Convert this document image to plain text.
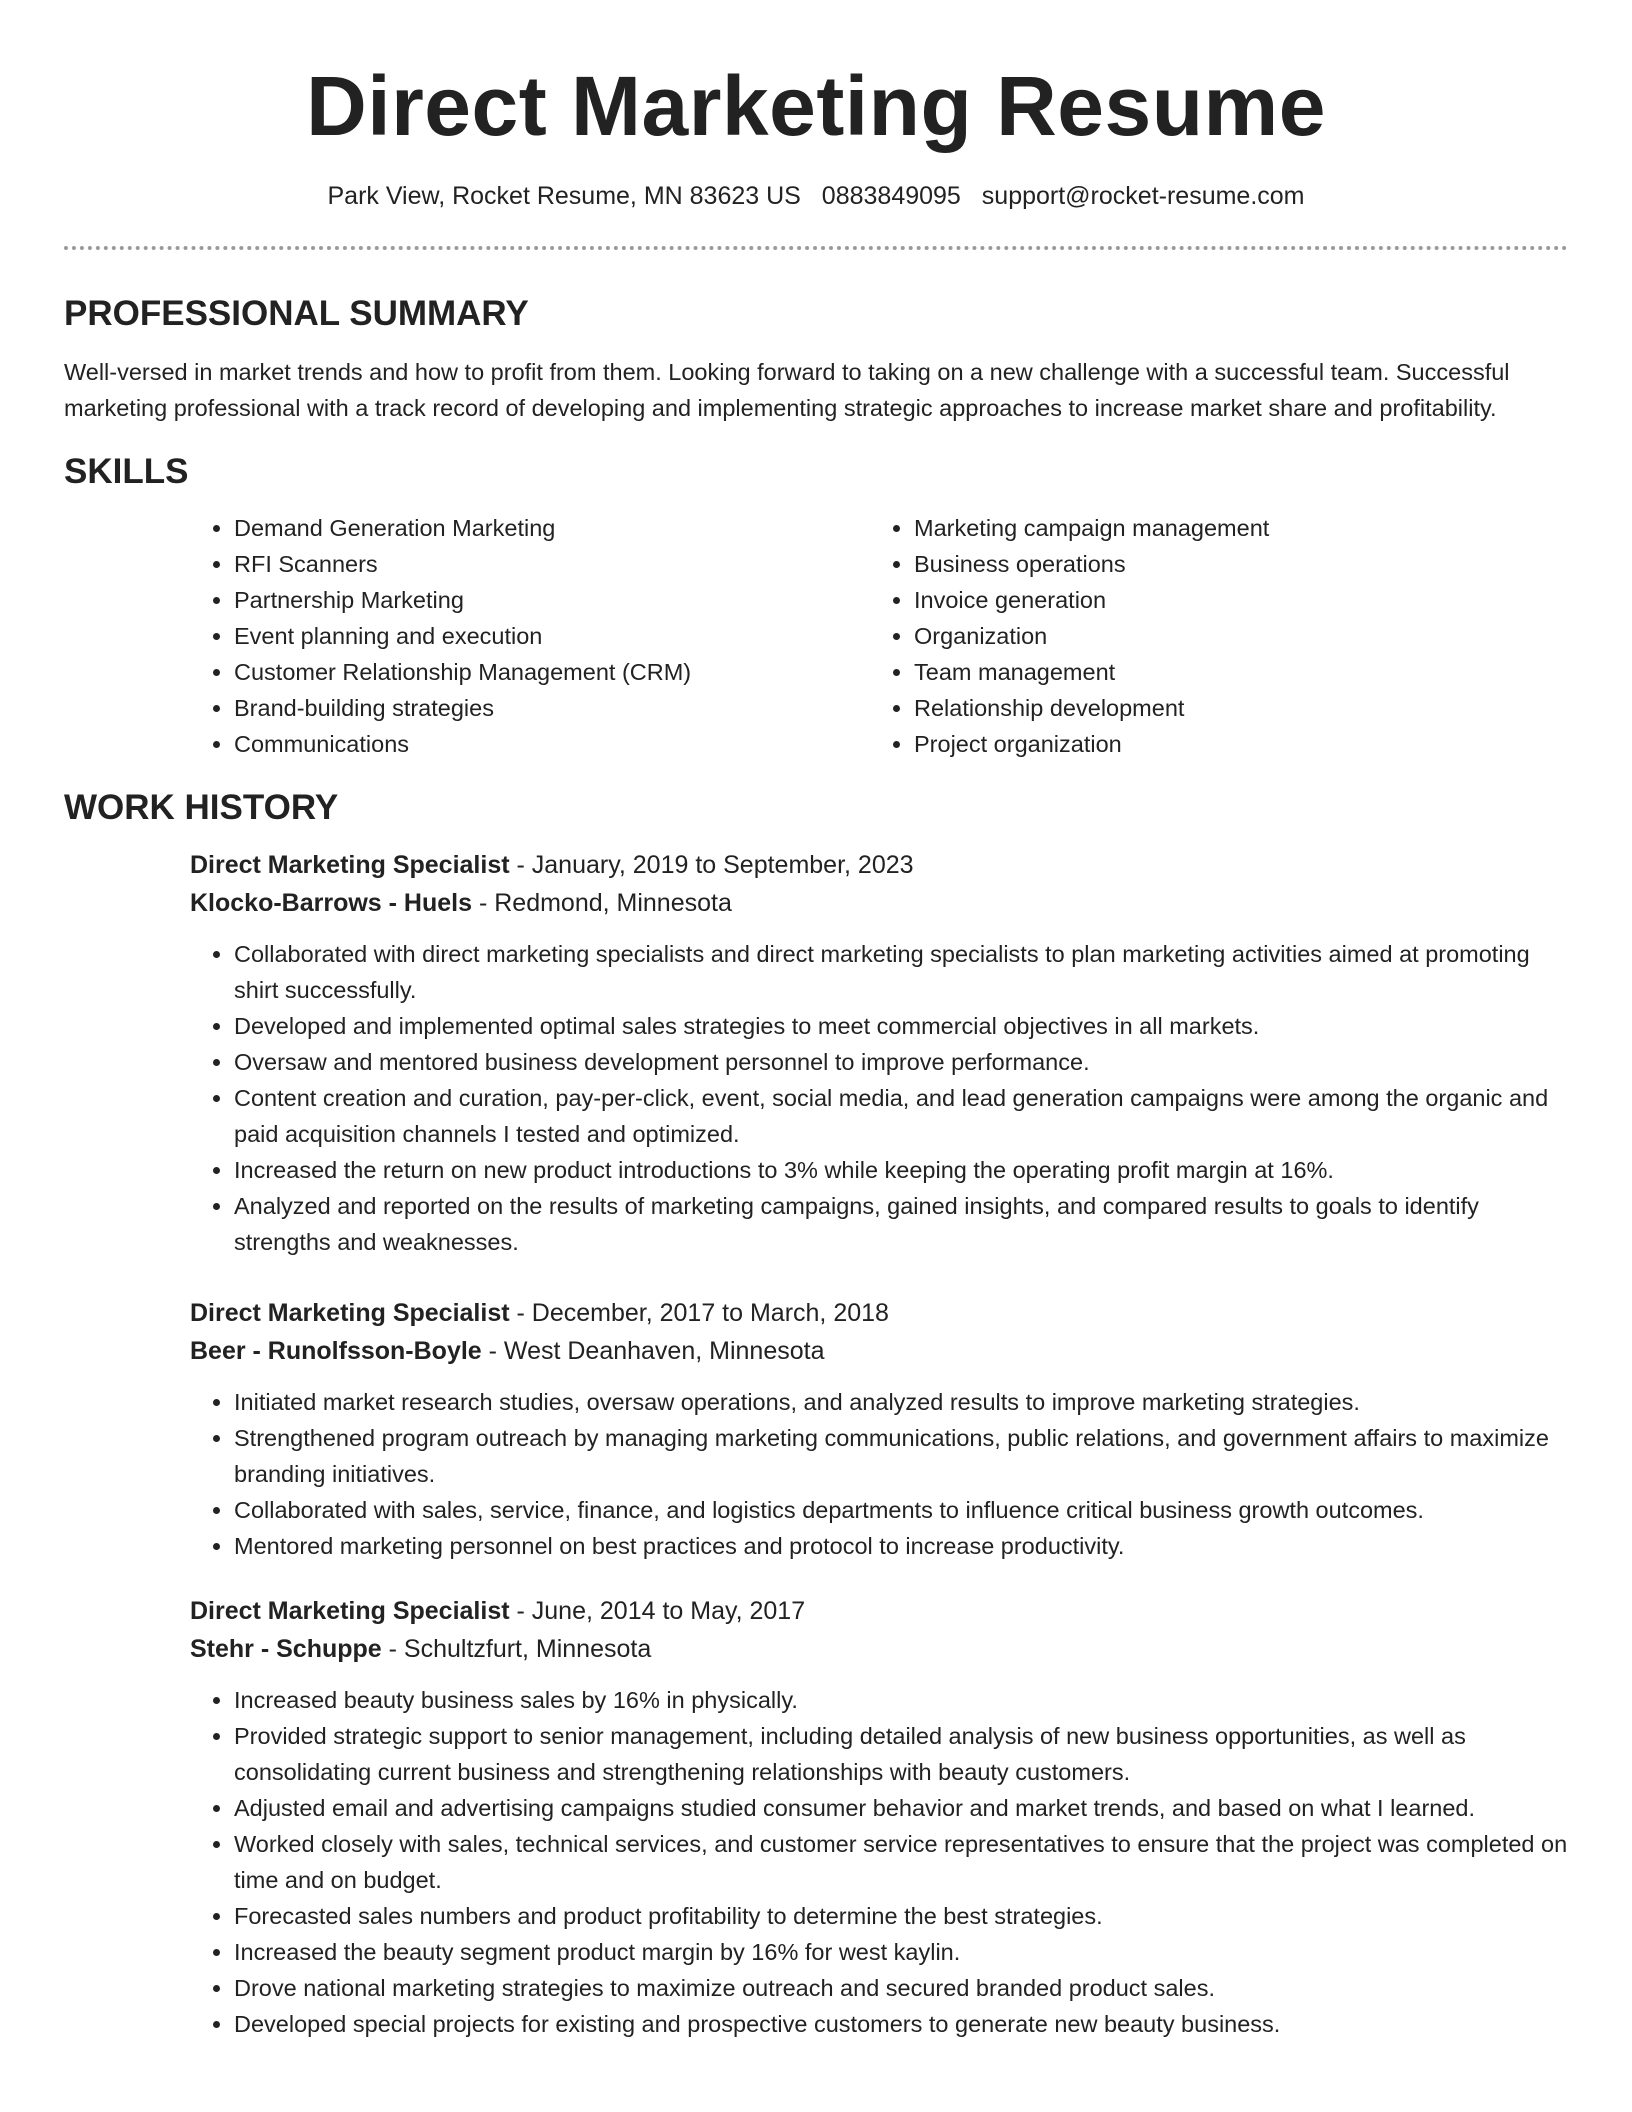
Direct Marketing Resume
Park View, Rocket Resume, MN 83623 US 0883849095 support@rocket-resume.com
PROFESSIONAL SUMMARY

Well-versed in market trends and how to profit from them. Looking forward to taking on a new challenge with a successful team. Successful marketing professional with a track record of developing and implementing strategic approaches to increase market share and profitability.

SKILLS
• Demand Generation Marketing
• RFI Scanners
• Partnership Marketing
• Event planning and execution
• Customer Relationship Management (CRM)
• Brand-building strategies
• Communications
• Marketing campaign management
• Business operations
• Invoice generation
• Organization
• Team management
• Relationship development
• Project organization
WORK HISTORY
Direct Marketing Specialist - January, 2019 to September, 2023
Klocko-Barrows - Huels - Redmond, Minnesota
• Collaborated with direct marketing specialists and direct marketing specialists to plan marketing activities aimed at promoting shirt successfully.
• Developed and implemented optimal sales strategies to meet commercial objectives in all markets.
• Oversaw and mentored business development personnel to improve performance.
• Content creation and curation, pay-per-click, event, social media, and lead generation campaigns were among the organic and paid acquisition channels I tested and optimized.
• Increased the return on new product introductions to 3% while keeping the operating profit margin at 16%.
• Analyzed and reported on the results of marketing campaigns, gained insights, and compared results to goals to identify strengths and weaknesses.
Direct Marketing Specialist - December, 2017 to March, 2018
Beer - Runolfsson-Boyle - West Deanhaven, Minnesota
• Initiated market research studies, oversaw operations, and analyzed results to improve marketing strategies.
• Strengthened program outreach by managing marketing communications, public relations, and government affairs to maximize branding initiatives.
• Collaborated with sales, service, finance, and logistics departments to influence critical business growth outcomes.
• Mentored marketing personnel on best practices and protocol to increase productivity.
Direct Marketing Specialist - June, 2014 to May, 2017
Stehr - Schuppe - Schultzfurt, Minnesota
• Increased beauty business sales by 16% in physically.
• Provided strategic support to senior management, including detailed analysis of new business opportunities, as well as consolidating current business and strengthening relationships with beauty customers.
• Adjusted email and advertising campaigns studied consumer behavior and market trends, and based on what I learned.
• Worked closely with sales, technical services, and customer service representatives to ensure that the project was completed on time and on budget.
• Forecasted sales numbers and product profitability to determine the best strategies.
• Increased the beauty segment product margin by 16% for west kaylin.
• Drove national marketing strategies to maximize outreach and secured branded product sales.
• Developed special projects for existing and prospective customers to generate new beauty business.
